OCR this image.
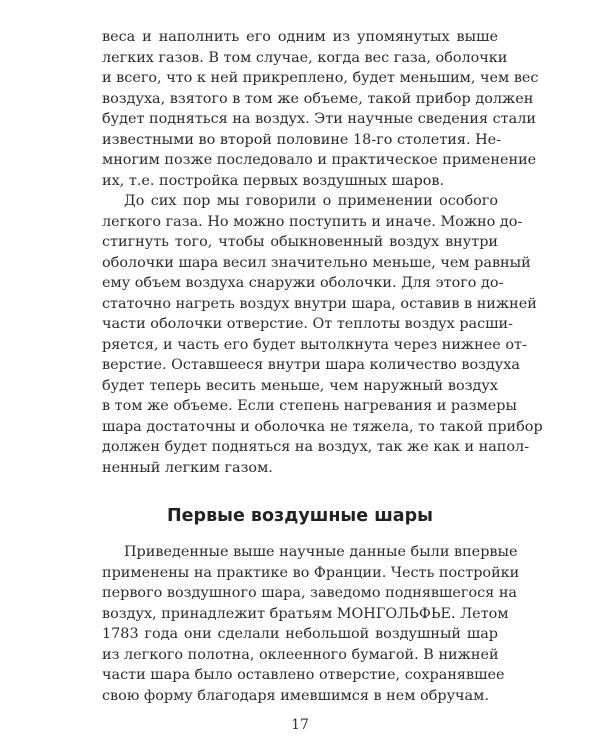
веса и наполнить его одним из упомянутых выше
легких газов. В том случае, когда вес газа, оболочки
и всего, что к ней прикреплено, будет меньшим, чем вес
воздуха, взятого в том же объеме, такой прибор должен
будет подняться на воздух. Эти научные сведения стали
известными во второй половине 18-го столетия. Не-
многим позже последовало и практическое применение
их, т.е. постройка первых воздушных шаров.
До сих пор мы говорили о применении особого
легкого газа. Но можно поступить и иначе. Можно до-
стигнуть того, чтобы обыкновенный воздух внутри
оболочки шара весил значительно меньше, чем равный
ему объем воздуха снаружи оболочки. Для этого до-
статочно нагреть воздух внутри шара, оставив в нижней
части оболочки отверстие. От теплоты воздух расши-
ряется, и часть его будет вытолкнута через нижнее от-
верстие. Оставшееся внутри шара количество воздуха
будет теперь весить меньше, чем наружный воздух
в том же объеме. Если степень нагревания и размеры
шара достаточны и оболочка не тяжела, то такой прибор
должен будет подняться на воздух, так же как и напол-
ненный легким газом.
Первые воздушные шары
Приведенные выше научные данные были впервые
применены на практике во Франции. Честь постройки
первого воздушного шара, заведомо поднявшегося на
воздух, принадлежит братьям МОНГОЛЬФЬЕ. Летом
1783 года они сделали небольшой воздушный шар
из легкого полотна, оклеенного бумагой. В нижней
части шара было оставлено отверстие, сохранявшее
свою форму благодаря имевшимся в нем обручам.
17
